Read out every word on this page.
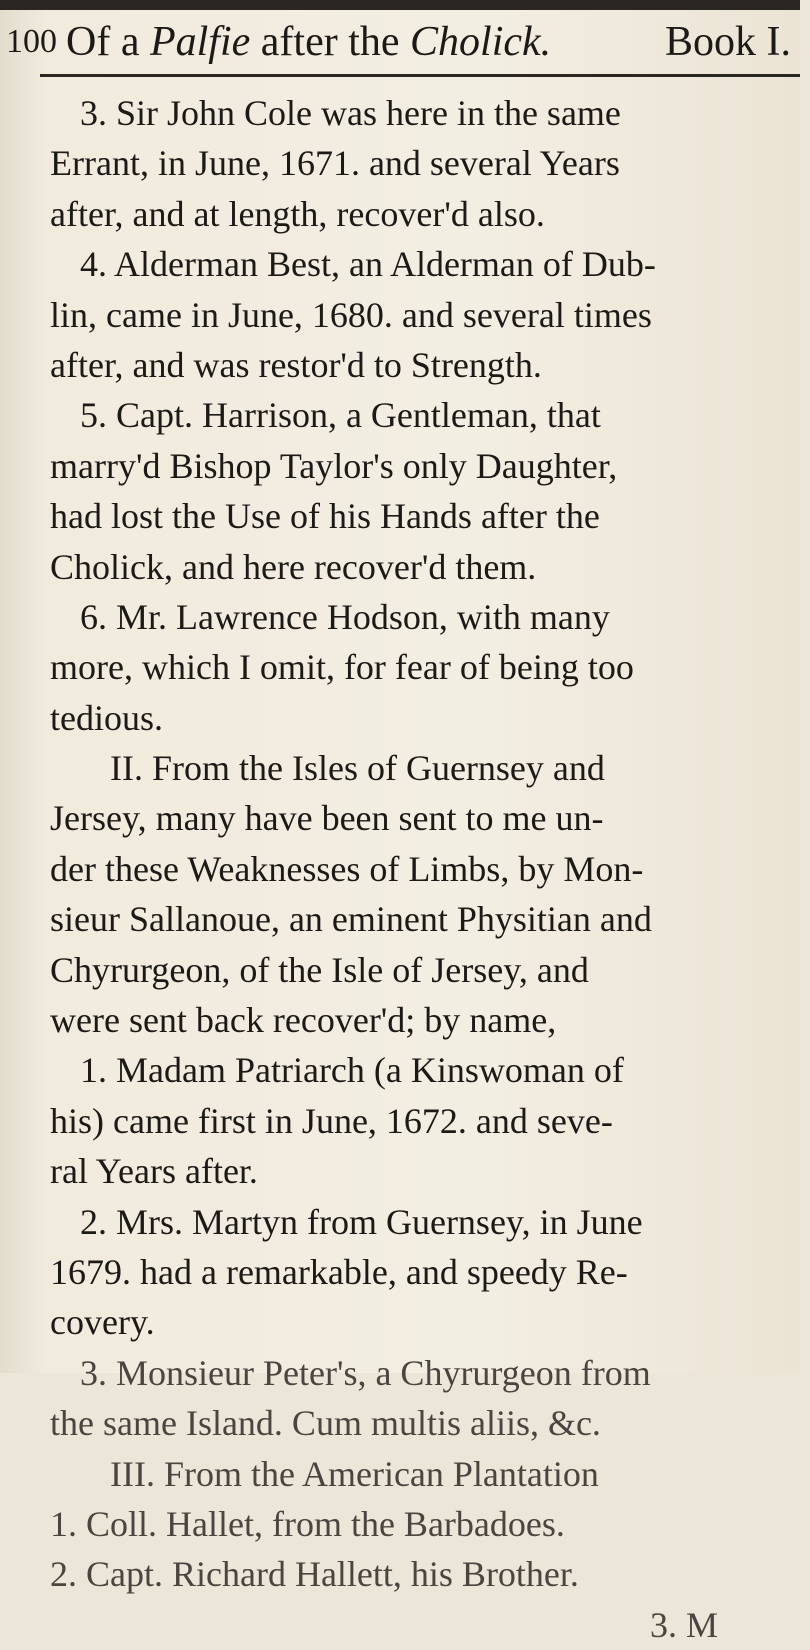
100 Of a Palfie after the Cholick.	Book I.
3. Sir John Cole was here in the same
Errant, in June, 1671. and several Years
after, and at length, recover'd also.
4. Alderman Best, an Alderman of Dub-
lin, came in June, 1680. and several times
after, and was restor'd to Strength.
5. Capt. Harrison, a Gentleman, that
marry'd Bishop Taylor's only Daughter,
had lost the Use of his Hands after the
Cholick, and here recover'd them.
6. Mr. Lawrence Hodson, with many
more, which I omit, for fear of being too
tedious.
II. From the Isles of Guernsey and
Jersey, many have been sent to me un-
der these Weaknesses of Limbs, by Mon-
sieur Sallanoue, an eminent Physitian and
Chyrurgeon, of the Isle of Jersey, and
were sent back recover'd; by name,
1. Madam Patriarch (a Kinswoman of
his) came first in June, 1672. and seve-
ral Years after.
2. Mrs. Martyn from Guernsey, in June
1679. had a remarkable, and speedy Re-
covery.
3. Monsieur Peter's, a Chyrurgeon from
the same Island. Cum multis aliis, &c.
III. From the American Plantation
1. Coll. Hallet, from the Barbadoes.
2. Capt. Richard Hallett, his Brother.
3. M
